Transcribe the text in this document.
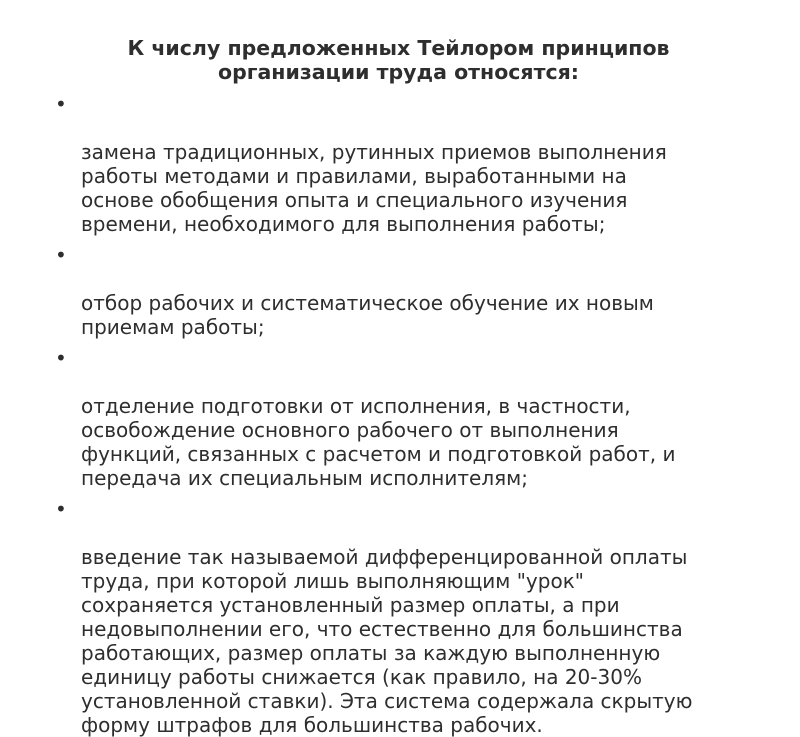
К числу предложенных Тейлором принципов
организации труда относятся:

•

замена традиционных, рутинных приемов выполнения
работы методами и правилами, выработанными на
основе обобщения опыта и специального изучения
времени, необходимого для выполнения работы;

•

отбор рабочих и систематическое обучение их новым
приемам работы;

•

отделение подготовки от исполнения, в частности,
освобождение основного рабочего от выполнения
функций, связанных с расчетом и подготовкой работ, и
передача их специальным исполнителям;

•

введение так называемой дифференцированной оплаты
труда, при которой лишь выполняющим "урок"
сохраняется установленный размер оплаты, а при
недовыполнении его, что естественно для большинства
работающих, размер оплаты за каждую выполненную
единицу работы снижается (как правило, на 20-30%
установленной ставки). Эта система содержала скрытую
форму штрафов для большинства рабочих.
